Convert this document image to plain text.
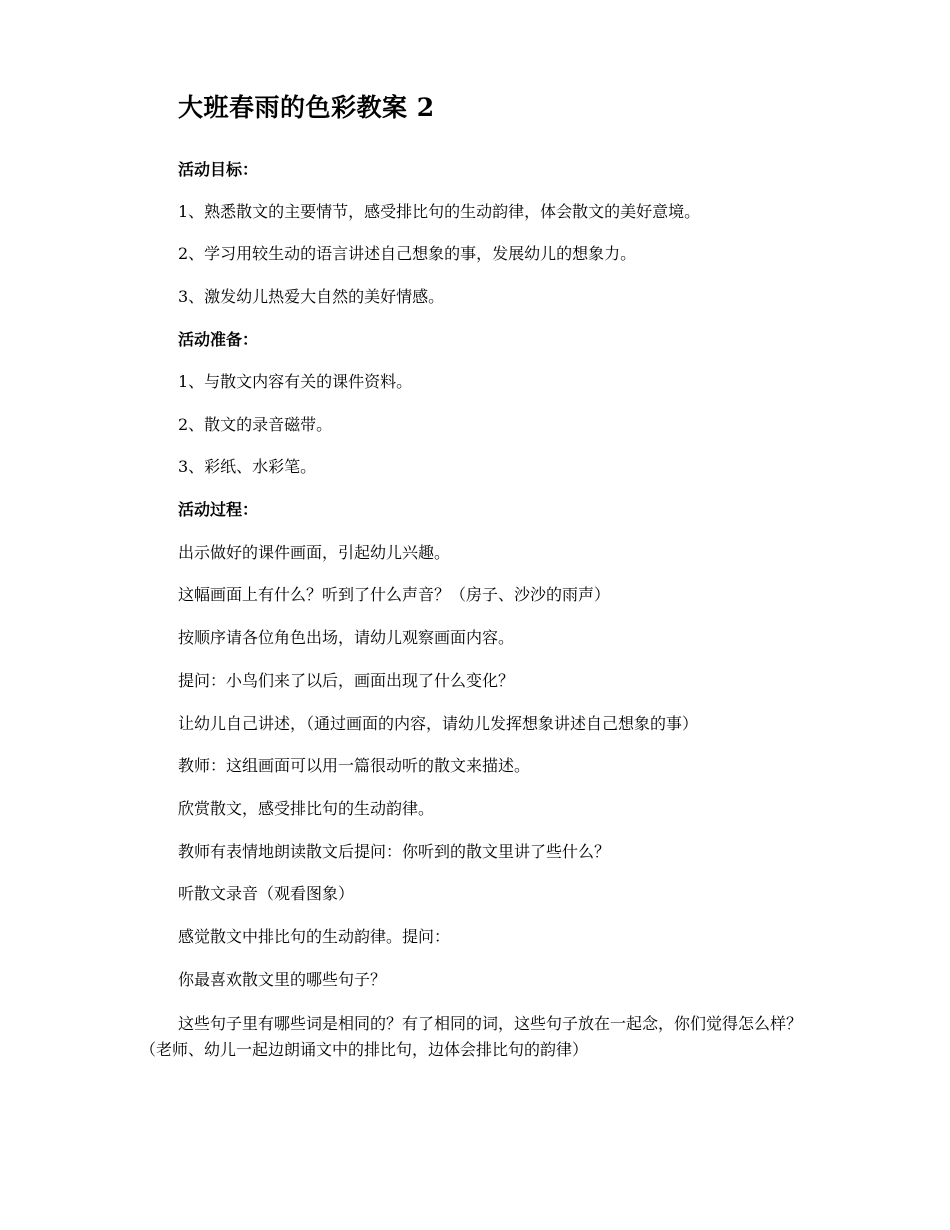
大班春雨的色彩教案 2

活动目标：

1、熟悉散文的主要情节，感受排比句的生动韵律，体会散文的美好意境。

2、学习用较生动的语言讲述自己想象的事，发展幼儿的想象力。

3、激发幼儿热爱大自然的美好情感。

活动准备：

1、与散文内容有关的课件资料。

2、散文的录音磁带。

3、彩纸、水彩笔。

活动过程：

出示做好的课件画面，引起幼儿兴趣。

这幅画面上有什么？听到了什么声音？（房子、沙沙的雨声）

按顺序请各位角色出场，请幼儿观察画面内容。

提问：小鸟们来了以后，画面出现了什么变化？

让幼儿自己讲述，（通过画面的内容，请幼儿发挥想象讲述自己想象的事）

教师：这组画面可以用一篇很动听的散文来描述。

欣赏散文，感受排比句的生动韵律。

教师有表情地朗读散文后提问：你听到的散文里讲了些什么？

听散文录音（观看图象）

感觉散文中排比句的生动韵律。提问：

你最喜欢散文里的哪些句子？

这些句子里有哪些词是相同的？有了相同的词，这些句子放在一起念，你们觉得怎么样？（老师、幼儿一起边朗诵文中的排比句，边体会排比句的韵律）
